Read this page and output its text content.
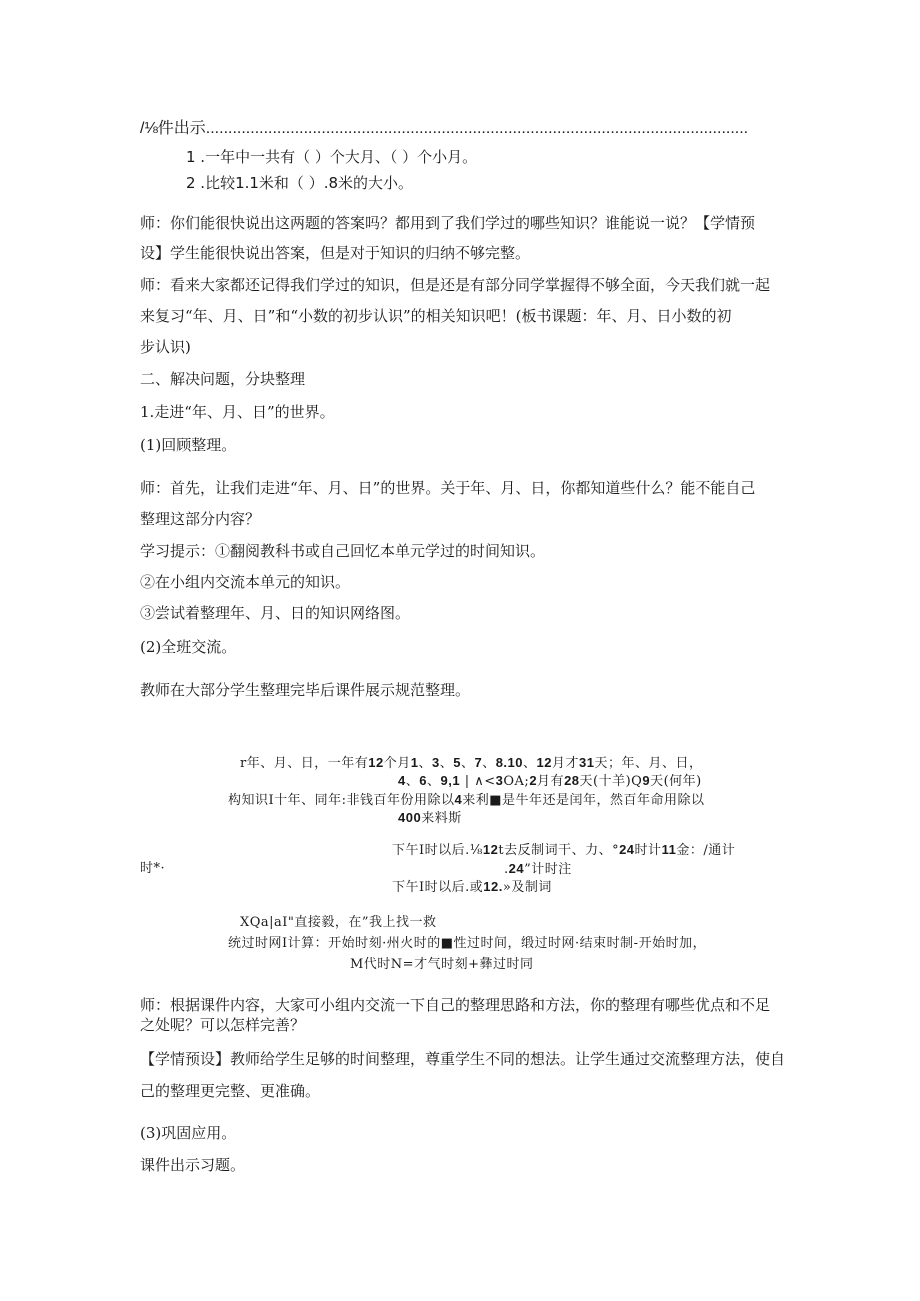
/⅛件出示..........................................................................................................................
1 .一年中一共有（ ）个大月、（ ）个小月。
2 .比较1.1米和（ ）.8米的大小。
师：你们能很快说出这两题的答案吗？都用到了我们学过的哪些知识？谁能说一说？【学情预
设】学生能很快说出答案，但是对于知识的归纳不够完整。
师：看来大家都还记得我们学过的知识，但是还是有部分同学掌握得不够全面，今天我们就一起
来复习“年、月、日”和“小数的初步认识”的相关知识吧！(板书课题：年、月、日小数的初
步认识)
二、解决问题，分块整理
1.走进“年、月、日”的世界。
(1)回顾整理。
师：首先，让我们走进“年、月、日”的世界。关于年、月、日，你都知道些什么？能不能自己
整理这部分内容？
学习提示：①翻阅教科书或自己回忆本单元学过的时间知识。
②在小组内交流本单元的知识。
③尝试着整理年、月、日的知识网络图。
(2)全班交流。
教师在大部分学生整理完毕后课件展示规范整理。
r年、月、日，一年有12个月1、3、5、7、8.10、12月才31天；年、月、日，
4、6、9,1 | ∧<3OA;2月有28天(十羊)Q9天(何年)
构知识I十年、同年:非钱百年份用除以4来利■是牛年还是闰年，然百年命用除以
400来料斯
下午I时以后.⅛12t去反制词干、力、°24时计11金：/通计
时*·	.24”计时注
下午I时以后.或12.»及制词
XQa|aI"直接毅，在”我上找一救
统过时网I计算：开始时刻·州火时的■性过时间，缎过时网·结束时制-开始时加，
M代时N=才气时刻+彝过时同
师：根据课件内容，大家可小组内交流一下自己的整理思路和方法，你的整理有哪些优点和不足
之处呢？可以怎样完善？
【学情预设】教师给学生足够的时间整理，尊重学生不同的想法。让学生通过交流整理方法，使自
己的整理更完整、更准确。
(3)巩固应用。
课件出示习题。
